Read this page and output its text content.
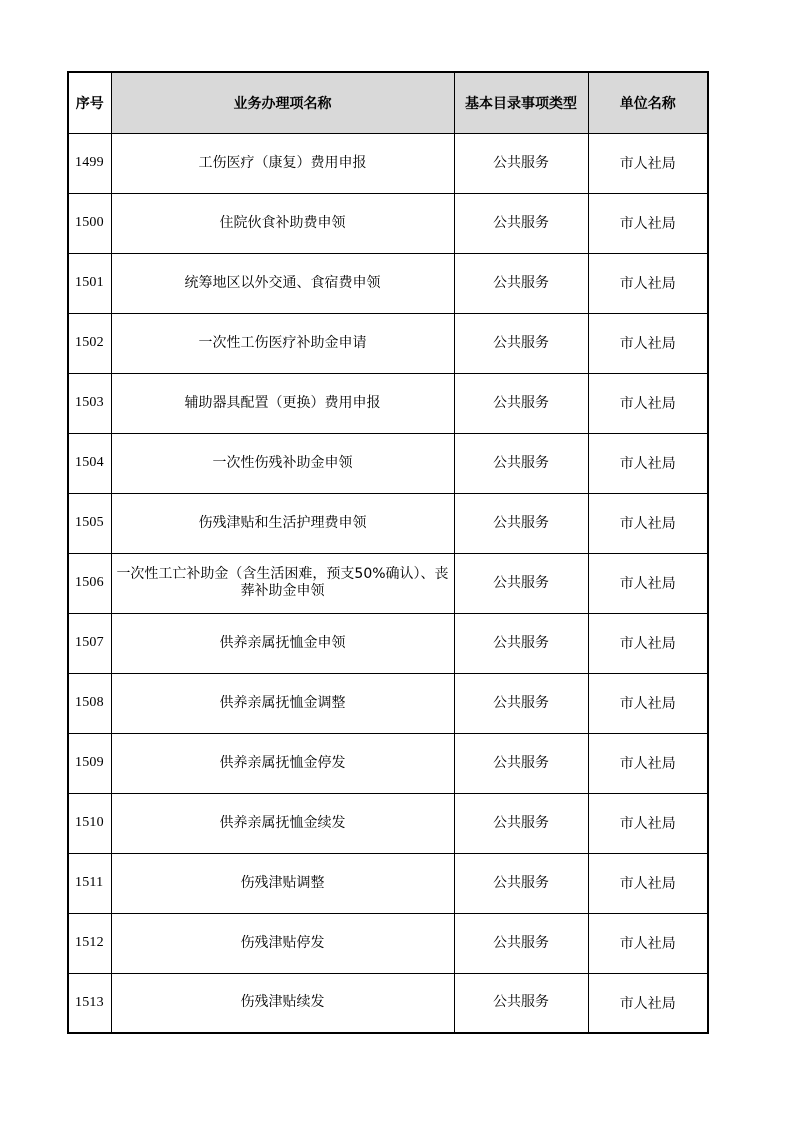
序号	业务办理项名称	基本目录事项类型	单位名称
1499	工伤医疗（康复）费用申报	公共服务	市人社局
1500	住院伙食补助费申领	公共服务	市人社局
1501	统筹地区以外交通、食宿费申领	公共服务	市人社局
1502	一次性工伤医疗补助金申请	公共服务	市人社局
1503	辅助器具配置（更换）费用申报	公共服务	市人社局
1504	一次性伤残补助金申领	公共服务	市人社局
1505	伤残津贴和生活护理费申领	公共服务	市人社局
1506	一次性工亡补助金（含生活困难，预支50%确认）、丧葬补助金申领	公共服务	市人社局
1507	供养亲属抚恤金申领	公共服务	市人社局
1508	供养亲属抚恤金调整	公共服务	市人社局
1509	供养亲属抚恤金停发	公共服务	市人社局
1510	供养亲属抚恤金续发	公共服务	市人社局
1511	伤残津贴调整	公共服务	市人社局
1512	伤残津贴停发	公共服务	市人社局
1513	伤残津贴续发	公共服务	市人社局
